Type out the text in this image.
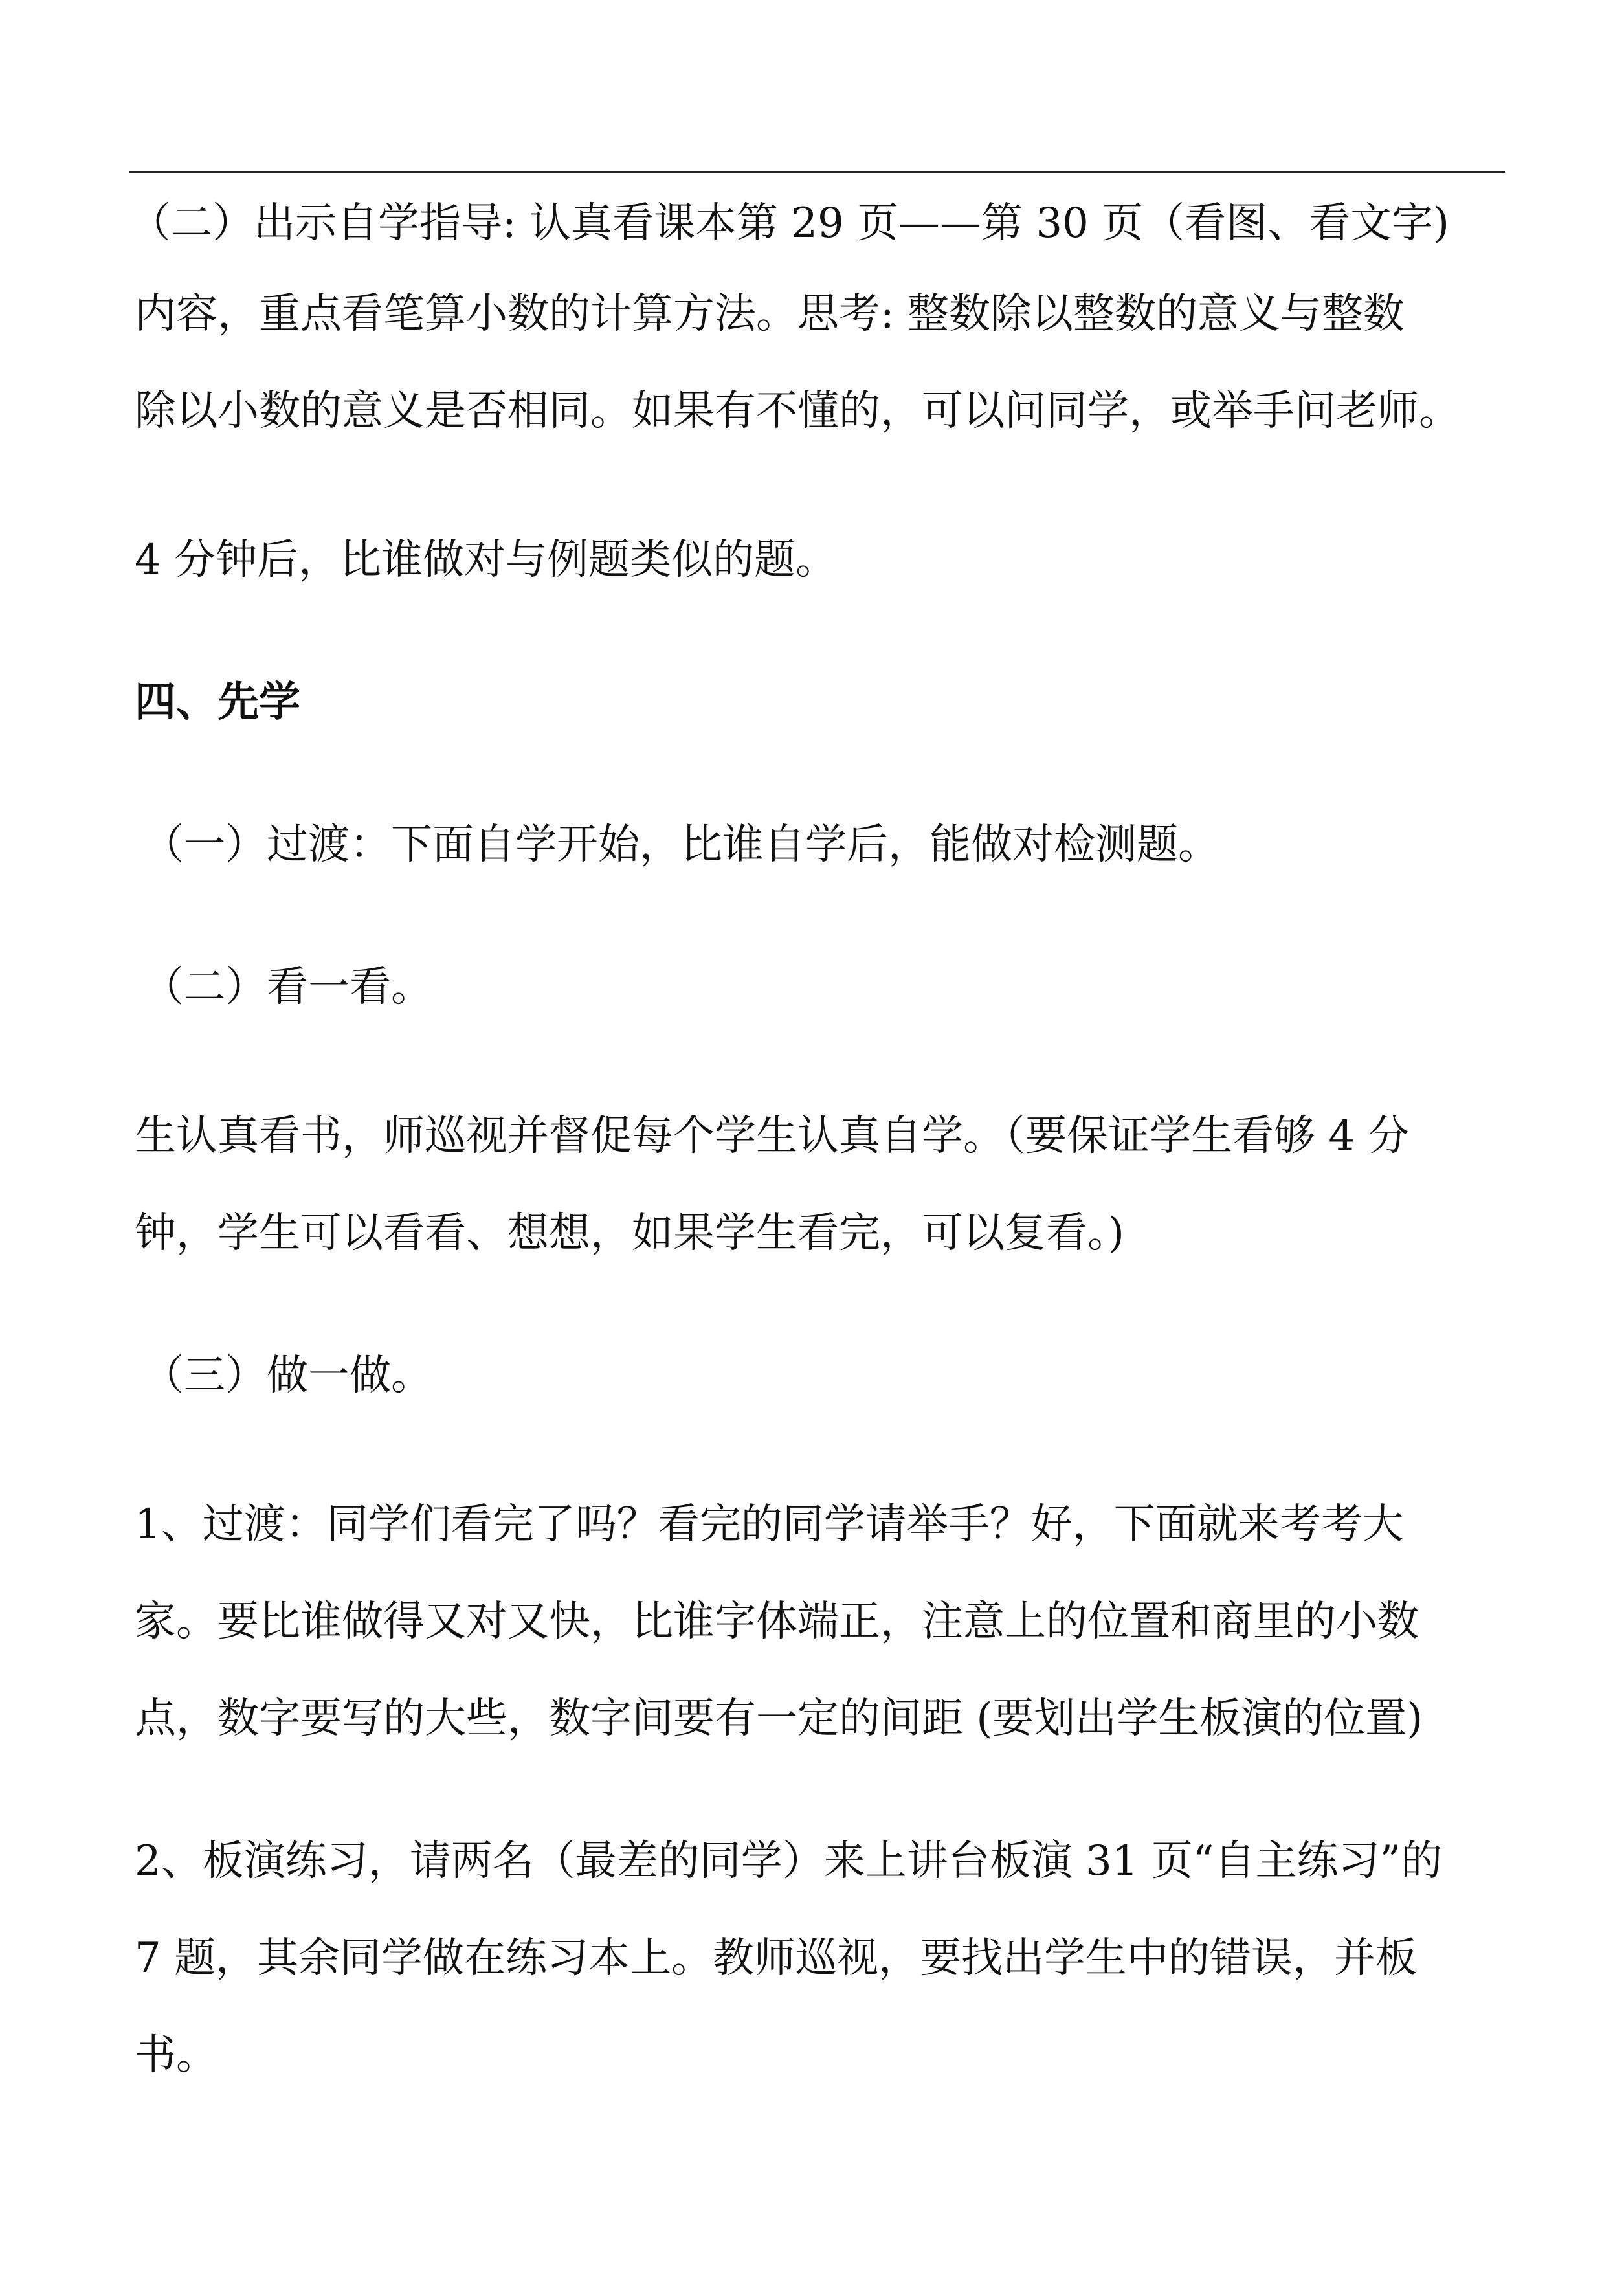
（二）出示自学指导: 认真看课本第 29 页——第 30 页（看图、看文字)
内容，重点看笔算小数的计算方法。思考: 整数除以整数的意义与整数
除以小数的意义是否相同。如果有不懂的，可以问同学，或举手问老师。
4 分钟后，比谁做对与例题类似的题。
四、先学
（一）过渡：下面自学开始，比谁自学后，能做对检测题。
（二）看一看。
生认真看书，师巡视并督促每个学生认真自学。（要保证学生看够 4 分
钟，学生可以看看、想想，如果学生看完，可以复看。)
（三）做一做。
1、过渡：同学们看完了吗？看完的同学请举手？好，下面就来考考大
家。要比谁做得又对又快，比谁字体端正，注意上的位置和商里的小数
点，数字要写的大些，数字间要有一定的间距 (要划出学生板演的位置)
2、板演练习，请两名（最差的同学）来上讲台板演 31 页“自主练习”的
7 题，其余同学做在练习本上。教师巡视，要找出学生中的错误，并板
书。
